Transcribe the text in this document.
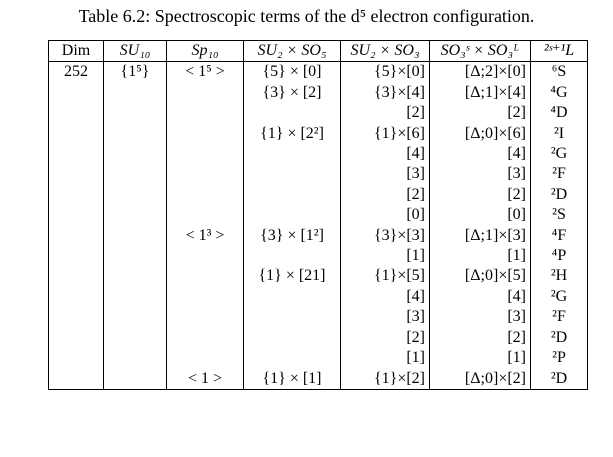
Table 6.2: Spectroscopic terms of the d⁵ electron configuration.
Dim	SU₁₀	Sp₁₀	SU₂ × SO₅	SU₂ × SO₃	SO₃ˢ × SO₃ᴸ	²ˢ⁺¹L
252	{1⁵}	< 1⁵ >	{5} × [0]	{5}×[0]	[Δ;2]×[0]	⁶S
			{3} × [2]	{3}×[4]	[Δ;1]×[4]	⁴G
				[2]	[2]	⁴D
			{1} × [2²]	{1}×[6]	[Δ;0]×[6]	²I
				[4]	[4]	²G
				[3]	[3]	²F
				[2]	[2]	²D
				[0]	[0]	²S
		< 1³ >	{3} × [1²]	{3}×[3]	[Δ;1]×[3]	⁴F
				[1]	[1]	⁴P
			{1} × [21]	{1}×[5]	[Δ;0]×[5]	²H
				[4]	[4]	²G
				[3]	[3]	²F
				[2]	[2]	²D
				[1]	[1]	²P
		< 1 >	{1} × [1]	{1}×[2]	[Δ;0]×[2]	²D
